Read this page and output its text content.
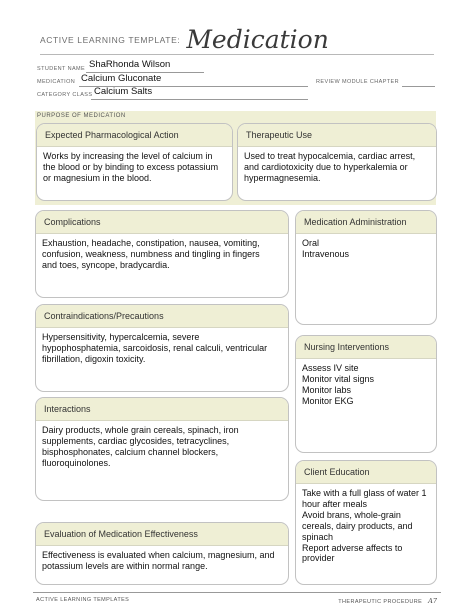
ACTIVE LEARNING TEMPLATE: Medication
STUDENT NAME ShaRhonda Wilson
MEDICATION Calcium Gluconate
CATEGORY CLASS Calcium Salts
REVIEW MODULE CHAPTER
PURPOSE OF MEDICATION
Expected Pharmacological Action
Works by increasing the level of calcium in
the blood or by binding to excess potassium
or magnesium in the blood.
Therapeutic Use
Used to treat hypocalcemia, cardiac arrest,
and cardiotoxicity due to hyperkalemia or
hypermagnesemia.
Complications
Exhaustion, headache, constipation, nausea, vomiting,
confusion, weakness, numbness and tingling in fingers
and toes, syncope, bradycardia.
Contraindications/Precautions
Hypersensitivity, hypercalcemia, severe
hypophosphatemia, sarcoidosis, renal calculi, ventricular
fibrillation, digoxin toxicity.
Interactions
Dairy products, whole grain cereals, spinach, iron
supplements, cardiac glycosides, tetracyclines,
bisphosphonates, calcium channel blockers,
fluoroquinolones.
Evaluation of Medication Effectiveness
Effectiveness is evaluated when calcium, magnesium, and
potassium levels are within normal range.
Medication Administration
Oral
Intravenous
Nursing Interventions
Assess IV site
Monitor vital signs
Monitor labs
Monitor EKG
Client Education
Take with a full glass of water 1
hour after meals
Avoid brans, whole-grain
cereals, dairy products, and
spinach
Report adverse affects to
provider
ACTIVE LEARNING TEMPLATES	THERAPEUTIC PROCEDURE A7
